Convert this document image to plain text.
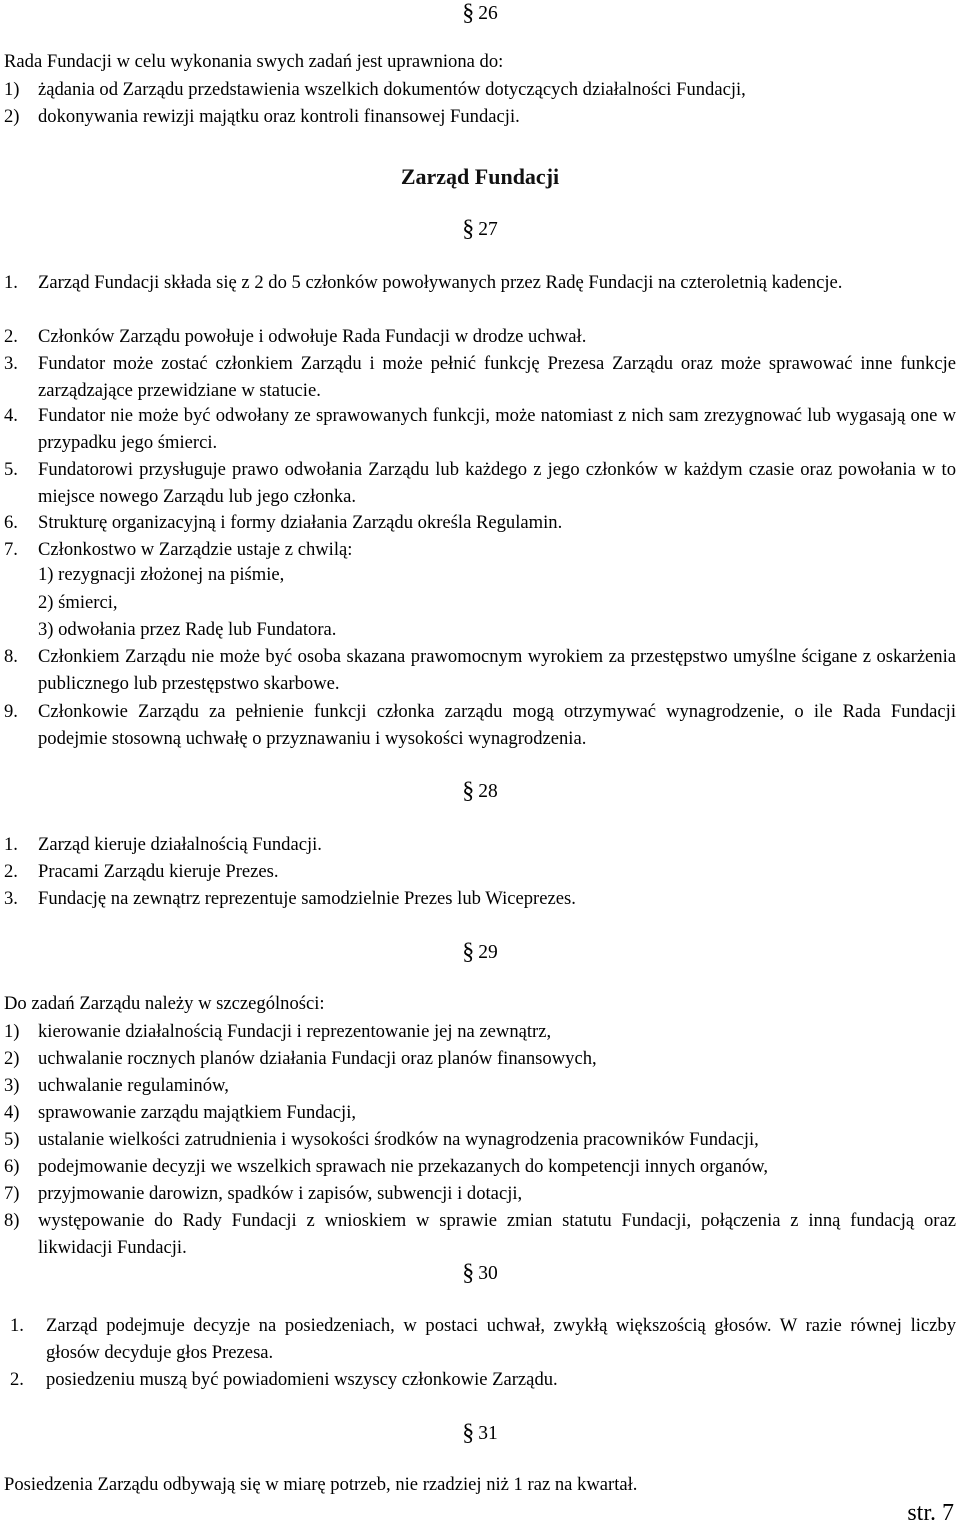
§ 26
Rada Fundacji w celu wykonania swych zadań jest uprawniona do:
1) żądania od Zarządu przedstawienia wszelkich dokumentów dotyczących działalności Fundacji,
2) dokonywania rewizji majątku oraz kontroli finansowej Fundacji.
Zarząd Fundacji
§ 27
1. Zarząd Fundacji składa się z 2 do 5 członków powoływanych przez Radę Fundacji na czteroletnią kadencje.
2. Członków Zarządu powołuje i odwołuje Rada Fundacji w drodze uchwał.
3. Fundator może zostać członkiem Zarządu i może pełnić funkcję Prezesa Zarządu oraz może sprawować inne funkcje zarządzające przewidziane w statucie.
4. Fundator nie może być odwołany ze sprawowanych funkcji, może natomiast z nich sam zrezygnować lub wygasają one w przypadku jego śmierci.
5. Fundatorowi przysługuje prawo odwołania Zarządu lub każdego z jego członków w każdym czasie oraz powołania w to miejsce nowego Zarządu lub jego członka.
6. Strukturę organizacyjną i formy działania Zarządu określa Regulamin.
7. Członkostwo w Zarządzie ustaje z chwilą:
1) rezygnacji złożonej na piśmie,
2) śmierci,
3) odwołania przez Radę lub Fundatora.
8. Członkiem Zarządu nie może być osoba skazana prawomocnym wyrokiem za przestępstwo umyślne ścigane z oskarżenia publicznego lub przestępstwo skarbowe.
9. Członkowie Zarządu za pełnienie funkcji członka zarządu mogą otrzymywać wynagrodzenie, o ile Rada Fundacji podejmie stosowną uchwałę o przyznawaniu i wysokości wynagrodzenia.
§ 28
1. Zarząd kieruje działalnością Fundacji.
2. Pracami Zarządu kieruje Prezes.
3. Fundację na zewnątrz reprezentuje samodzielnie Prezes lub Wiceprezes.
§ 29
Do zadań Zarządu należy w szczególności:
1) kierowanie działalnością Fundacji i reprezentowanie jej na zewnątrz,
2) uchwalanie rocznych planów działania Fundacji oraz planów finansowych,
3) uchwalanie regulaminów,
4) sprawowanie zarządu majątkiem Fundacji,
5) ustalanie wielkości zatrudnienia i wysokości środków na wynagrodzenia pracowników Fundacji,
6) podejmowanie decyzji we wszelkich sprawach nie przekazanych do kompetencji innych organów,
7) przyjmowanie darowizn, spadków i zapisów, subwencji i dotacji,
8) występowanie do Rady Fundacji z wnioskiem w sprawie zmian statutu Fundacji, połączenia z inną fundacją oraz likwidacji Fundacji.
§ 30
1. Zarząd podejmuje decyzje na posiedzeniach, w postaci uchwał, zwykłą większością głosów. W razie równej liczby głosów decyduje głos Prezesa.
2. posiedzeniu muszą być powiadomieni wszyscy członkowie Zarządu.
§ 31
Posiedzenia Zarządu odbywają się w miarę potrzeb, nie rzadziej niż 1 raz na kwartał.
str. 7
